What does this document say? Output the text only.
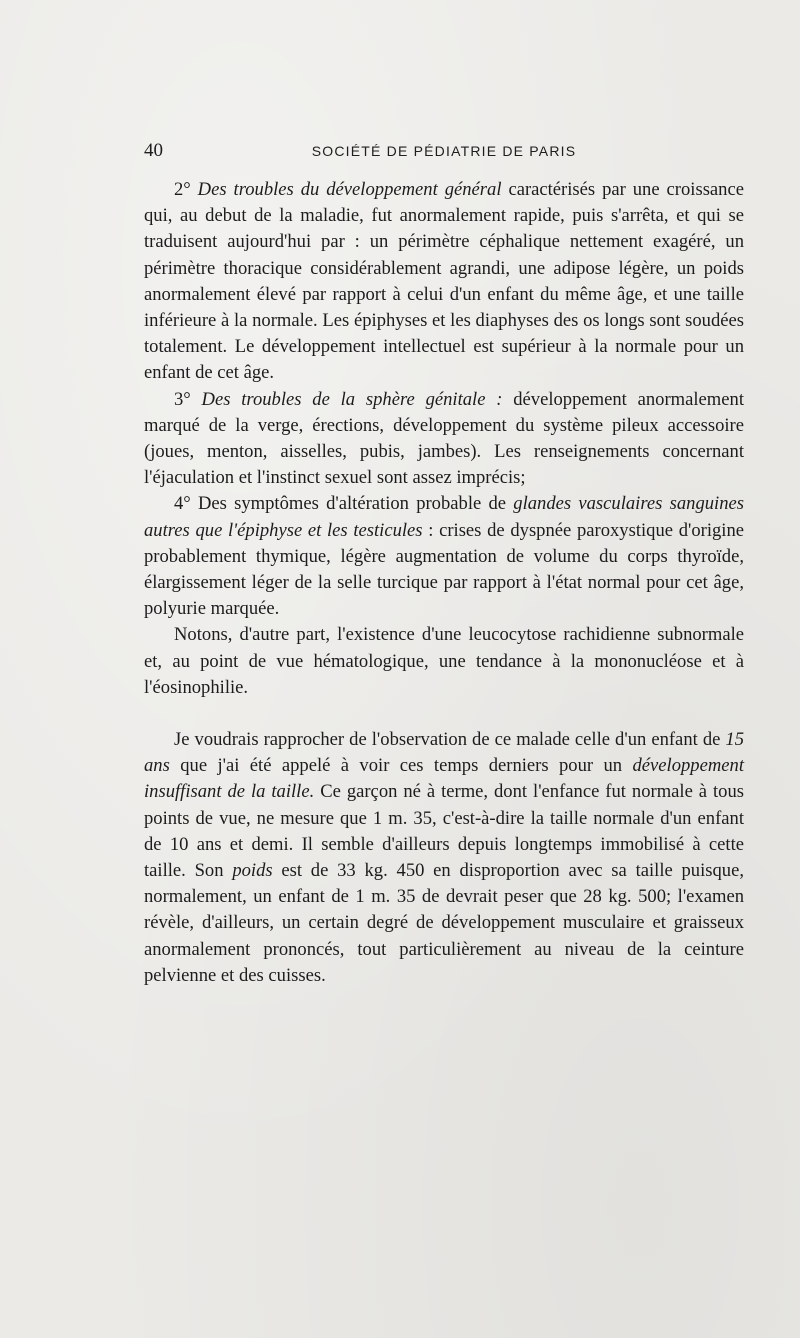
40	SOCIÉTÉ DE PÉDIATRIE DE PARIS

2° Des troubles du développement général caractérisés par une croissance qui, au debut de la maladie, fut anormalement rapide, puis s'arrêta, et qui se traduisent aujourd'hui par : un périmètre céphalique nettement exagéré, un périmètre thoracique considérablement agrandi, une adipose légère, un poids anormalement élevé par rapport à celui d'un enfant du même âge, et une taille inférieure à la normale. Les épiphyses et les diaphyses des os longs sont soudées totalement. Le développement intellectuel est supérieur à la normale pour un enfant de cet âge.

3° Des troubles de la sphère génitale : développement anormalement marqué de la verge, érections, développement du système pileux accessoire (joues, menton, aisselles, pubis, jambes). Les renseignements concernant l'éjaculation et l'instinct sexuel sont assez imprécis;

4° Des symptômes d'altération probable de glandes vasculaires sanguines autres que l'épiphyse et les testicules : crises de dyspnée paroxystique d'origine probablement thymique, légère augmentation de volume du corps thyroïde, élargissement léger de la selle turcique par rapport à l'état normal pour cet âge, polyurie marquée.

Notons, d'autre part, l'existence d'une leucocytose rachidienne subnormale et, au point de vue hématologique, une tendance à la mononucléose et à l'éosinophilie.

Je voudrais rapprocher de l'observation de ce malade celle d'un enfant de 15 ans que j'ai été appelé à voir ces temps derniers pour un développement insuffisant de la taille. Ce garçon né à terme, dont l'enfance fut normale à tous points de vue, ne mesure que 1 m. 35, c'est-à-dire la taille normale d'un enfant de 10 ans et demi. Il semble d'ailleurs depuis longtemps immobilisé à cette taille. Son poids est de 33 kg. 450 en disproportion avec sa taille puisque, normalement, un enfant de 1 m. 35 de devrait peser que 28 kg. 500; l'examen révèle, d'ailleurs, un certain degré de développement musculaire et graisseux anormalement prononcés, tout particulièrement au niveau de la ceinture pelvienne et des cuisses.
